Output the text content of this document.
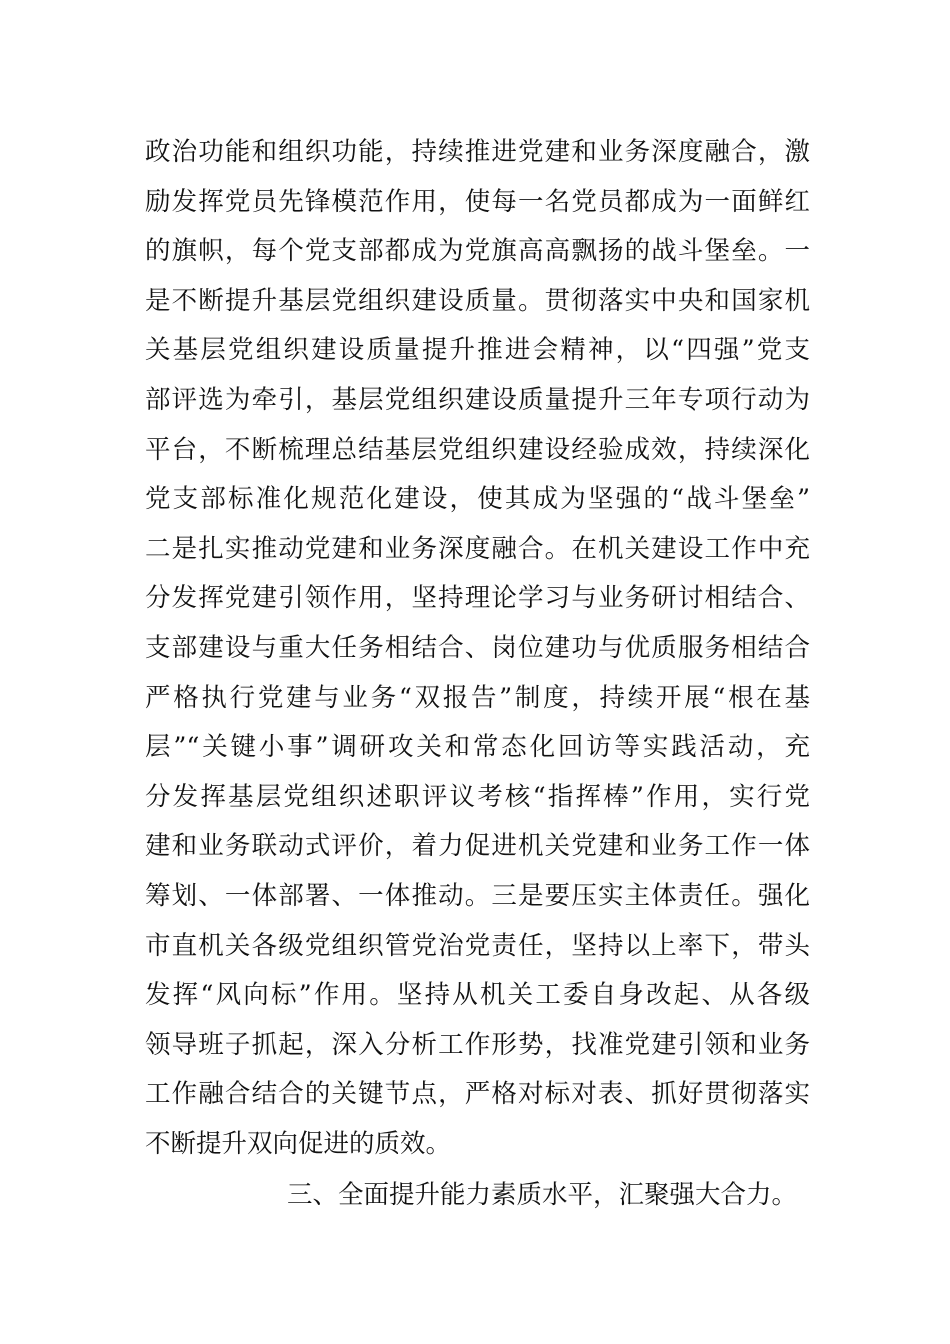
政治功能和组织功能，持续推进党建和业务深度融合，激
励发挥党员先锋模范作用，使每一名党员都成为一面鲜红
的旗帜，每个党支部都成为党旗高高飘扬的战斗堡垒。一
是不断提升基层党组织建设质量。贯彻落实中央和国家机
关基层党组织建设质量提升推进会精神，以“四强”党支
部评选为牵引，基层党组织建设质量提升三年专项行动为
平台，不断梳理总结基层党组织建设经验成效，持续深化
党支部标准化规范化建设，使其成为坚强的“战斗堡垒”
二是扎实推动党建和业务深度融合。在机关建设工作中充
分发挥党建引领作用，坚持理论学习与业务研讨相结合、
支部建设与重大任务相结合、岗位建功与优质服务相结合
严格执行党建与业务“双报告”制度，持续开展“根在基
层”“关键小事”调研攻关和常态化回访等实践活动，充
分发挥基层党组织述职评议考核“指挥棒”作用，实行党
建和业务联动式评价，着力促进机关党建和业务工作一体
筹划、一体部署、一体推动。三是要压实主体责任。强化
市直机关各级党组织管党治党责任，坚持以上率下，带头
发挥“风向标”作用。坚持从机关工委自身改起、从各级
领导班子抓起，深入分析工作形势，找准党建引领和业务
工作融合结合的关键节点，严格对标对表、抓好贯彻落实
不断提升双向促进的质效。
三、全面提升能力素质水平，汇聚强大合力。
